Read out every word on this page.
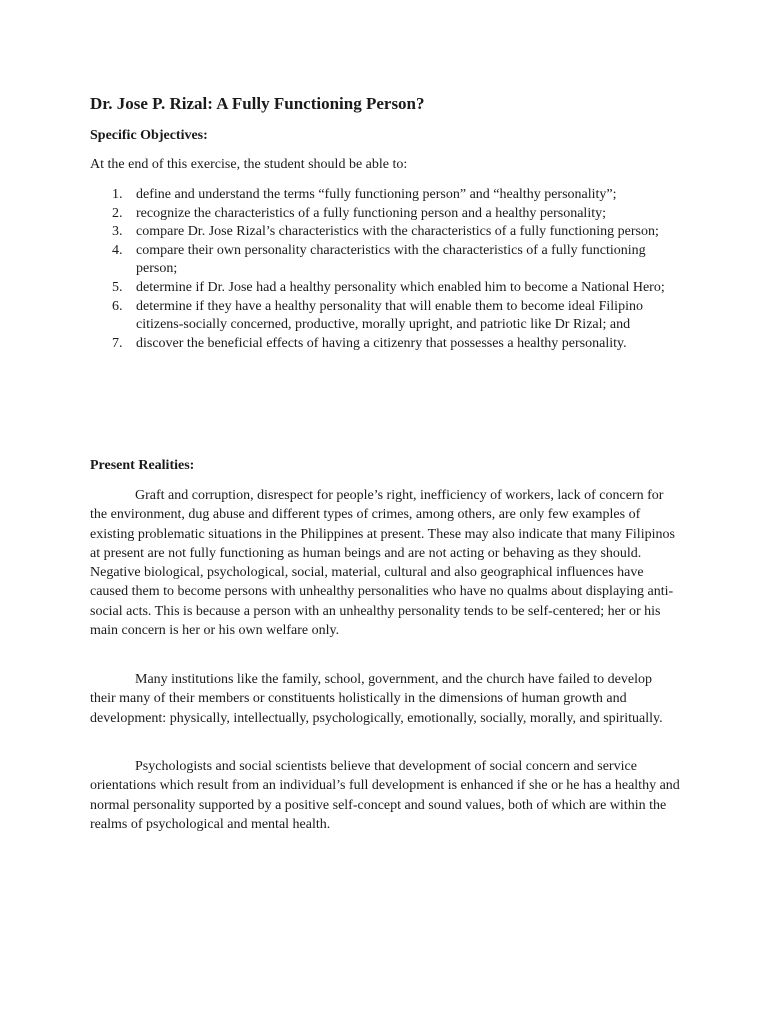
Dr. Jose P. Rizal: A Fully Functioning Person?
Specific Objectives:

At the end of this exercise, the student should be able to:

1. define and understand the terms “fully functioning person” and “healthy personality”;
2. recognize the characteristics of a fully functioning person and a healthy personality;
3. compare Dr. Jose Rizal’s characteristics with the characteristics of a fully functioning person;
4. compare their own personality characteristics with the characteristics of a fully functioning person;
5. determine if Dr. Jose had a healthy personality which enabled him to become a National Hero;
6. determine if they have a healthy personality that will enable them to become ideal Filipino citizens-socially concerned, productive, morally upright, and patriotic like Dr Rizal; and
7. discover the beneficial effects of having a citizenry that possesses a healthy personality.
Present Realities:

Graft and corruption, disrespect for people’s right, inefficiency of workers, lack of concern for the environment, dug abuse and different types of crimes, among others, are only few examples of existing problematic situations in the Philippines at present. These may also indicate that many Filipinos at present are not fully functioning as human beings and are not acting or behaving as they should. Negative biological, psychological, social, material, cultural and also geographical influences have caused them to become persons with unhealthy personalities who have no qualms about displaying anti-social acts. This is because a person with an unhealthy personality tends to be self-centered; her or his main concern is her or his own welfare only.

Many institutions like the family, school, government, and the church have failed to develop their many of their members or constituents holistically in the dimensions of human growth and development: physically, intellectually, psychologically, emotionally, socially, morally, and spiritually.

Psychologists and social scientists believe that development of social concern and service orientations which result from an individual’s full development is enhanced if she or he has a healthy and normal personality supported by a positive self-concept and sound values, both of which are within the realms of psychological and mental health.
